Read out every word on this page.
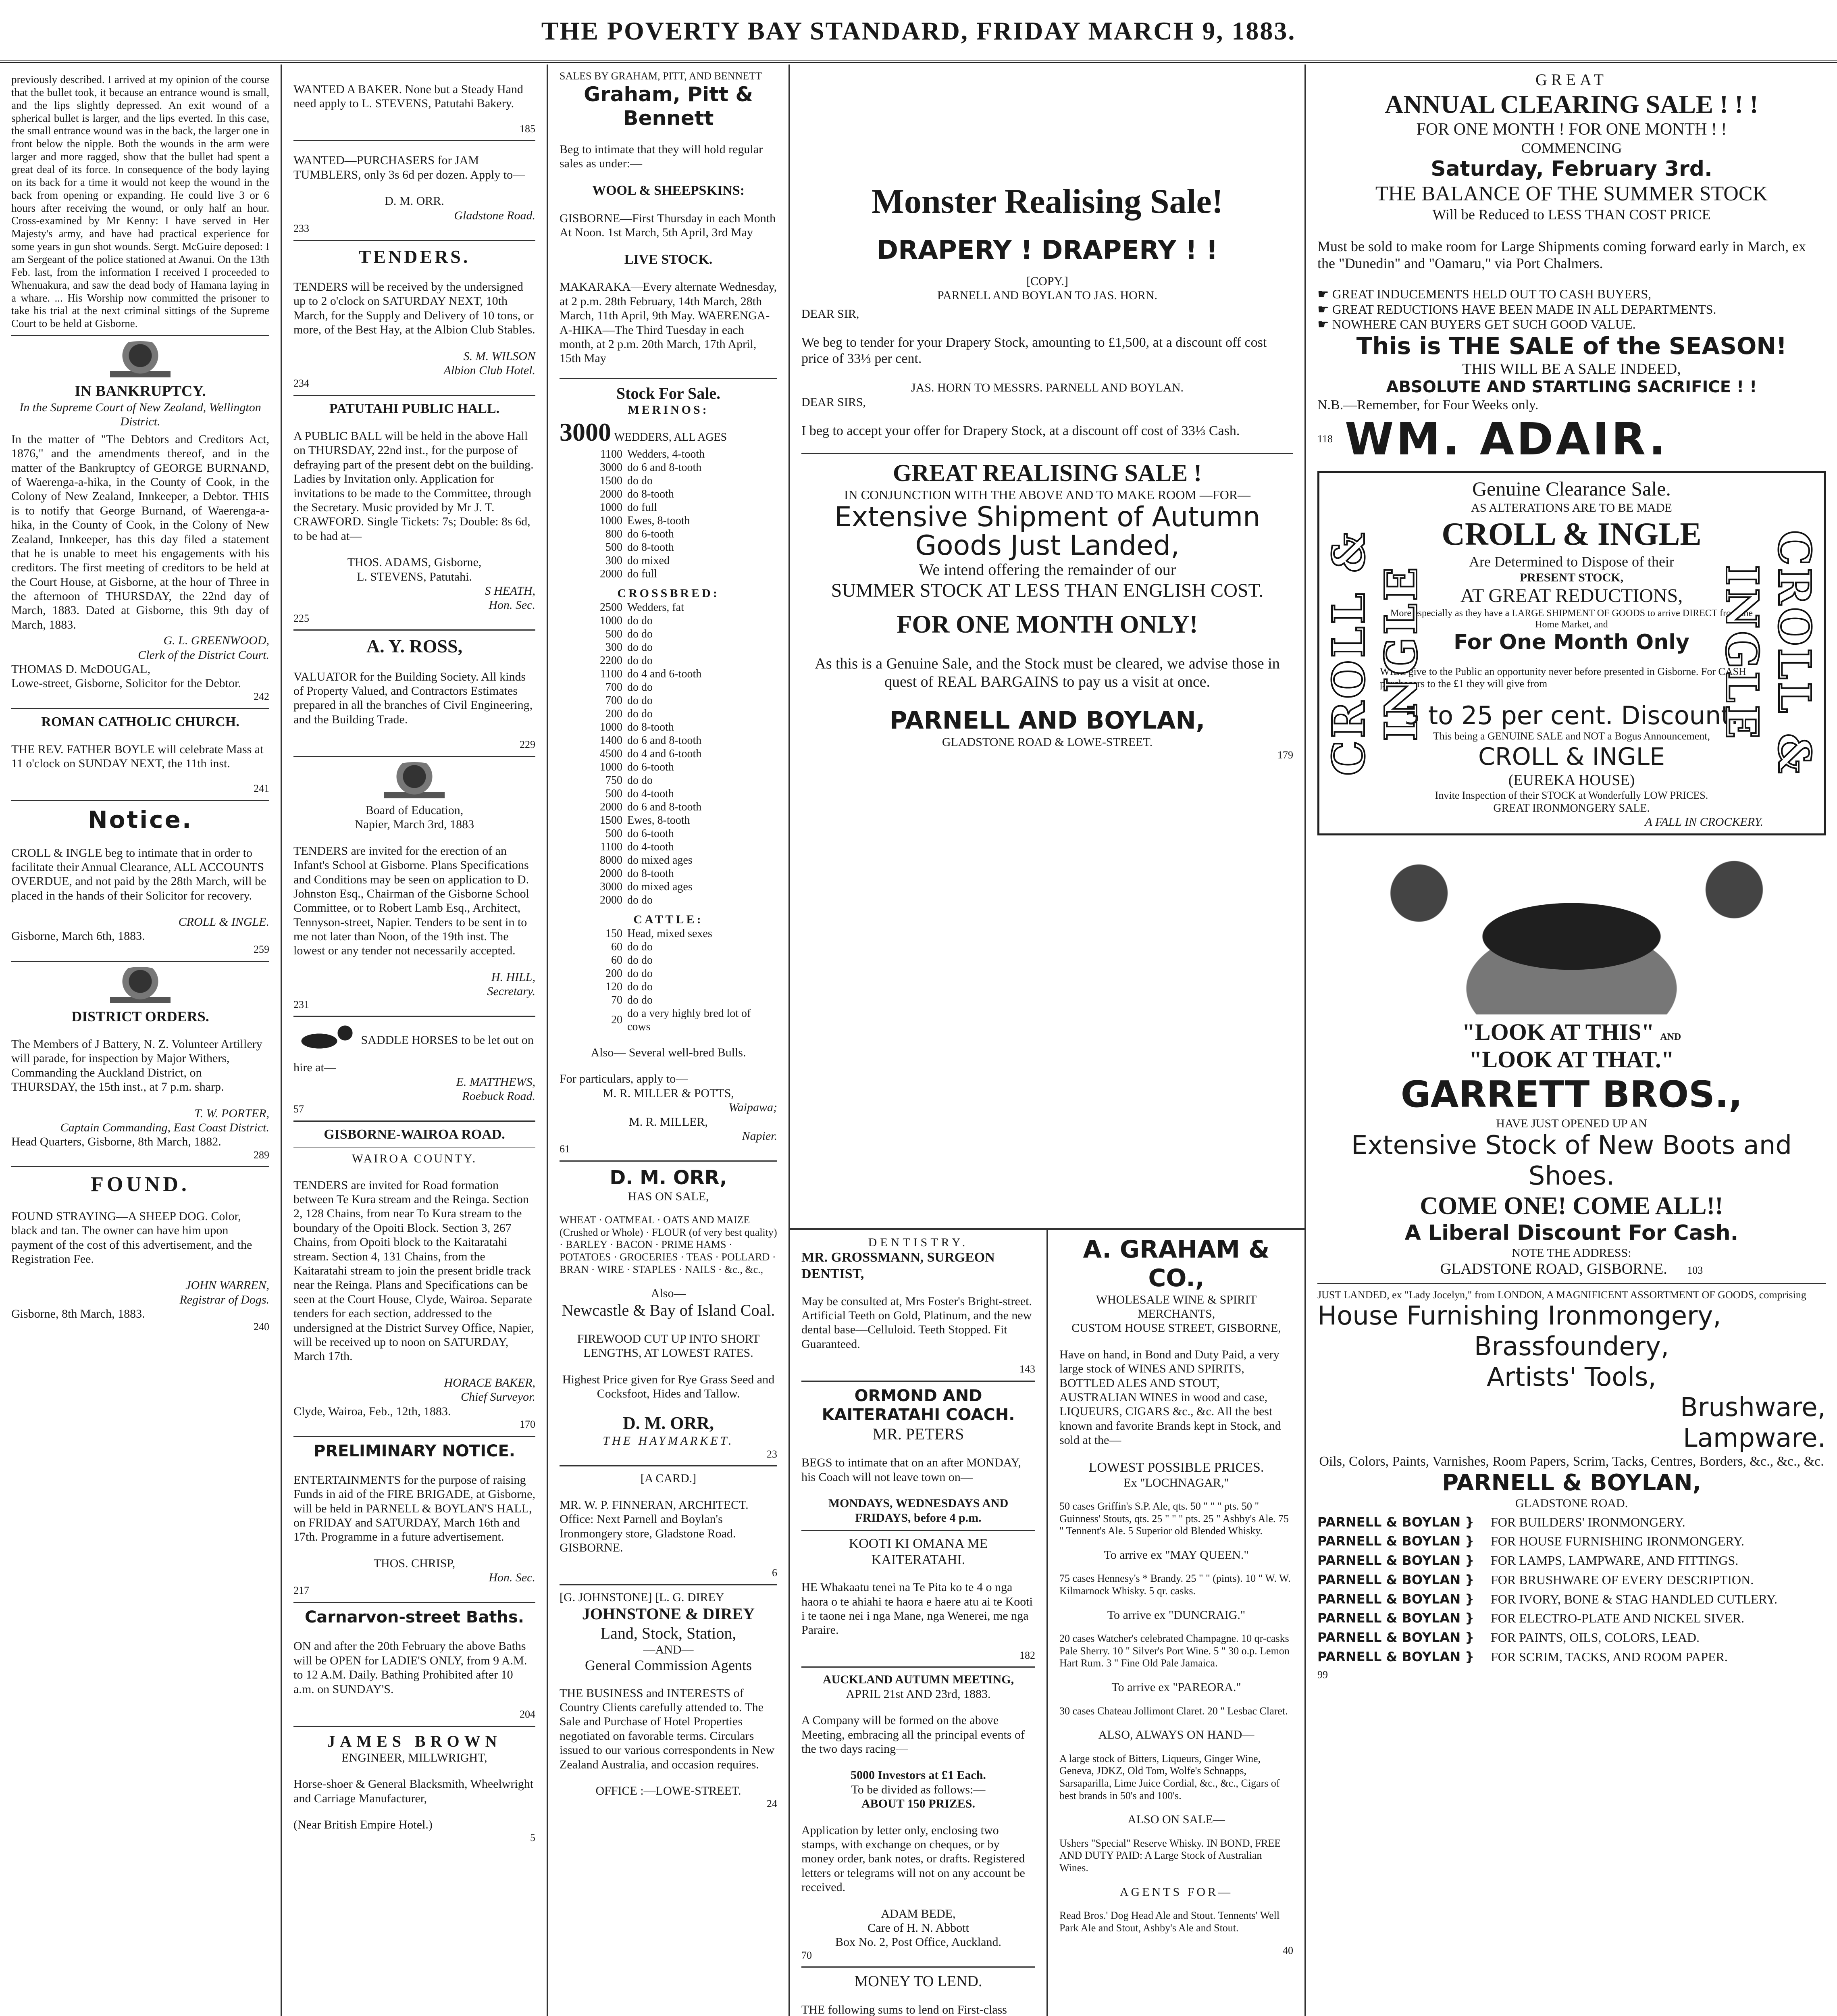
THE POVERTY BAY STANDARD, FRIDAY MARCH 9, 1883.

previously described. I arrived at my opinion of the course that the bullet took, it because an entrance wound is small, and the lips slightly depressed. An exit wound of a spherical bullet is larger, and the lips everted. In this case, the small entrance wound was in the back, the larger one in front below the nipple. Both the wounds in the arm were larger and more ragged, show that the bullet had spent a great deal of its force. In consequence of the body laying on its back for a time it would not keep the wound in the back from opening or expanding. He could live 3 or 6 hours after receiving the wound, or only half an hour. Cross-examined by Mr Kenny: I have served in Her Majesty's army, and have had practical experience for some years in gun shot wounds. Sergt. McGuire deposed: I am Sergeant of the police stationed at Awanui. On the 13th Feb. last, from the information I received I proceeded to Whenuakura, and saw the dead body of Hamana laying in a whare. ... His Worship now committed the prisoner to take his trial at the next criminal sittings of the Supreme Court to be held at Gisborne.

IN BANKRUPTCY.
In the Supreme Court of New Zealand, Wellington District.

In the matter of "The Debtors and Creditors Act, 1876," and the amendments thereof, and in the matter of the Bankruptcy of GEORGE BURNAND, of Waerenga-a-hika, in the County of Cook, in the Colony of New Zealand, Innkeeper, a Debtor. THIS is to notify that George Burnand, of Waerenga-a-hika, in the County of Cook, in the Colony of New Zealand, Innkeeper, has this day filed a statement that he is unable to meet his engagements with his creditors. The first meeting of creditors to be held at the Court House, at Gisborne, at the hour of Three in the afternoon of THURSDAY, the 22nd day of March, 1883. Dated at Gisborne, this 9th day of March, 1883.

G. L. GREENWOOD,
Clerk of the District Court.
THOMAS D. McDOUGAL,
Lowe-street, Gisborne, Solicitor for the Debtor.
242
ROMAN CATHOLIC CHURCH.

THE REV. FATHER BOYLE will celebrate Mass at 11 o'clock on SUNDAY NEXT, the 11th inst.

241
Notice.

CROLL & INGLE beg to intimate that in order to facilitate their Annual Clearance, ALL ACCOUNTS OVERDUE, and not paid by the 28th March, will be placed in the hands of their Solicitor for recovery.

CROLL & INGLE.
Gisborne, March 6th, 1883.
259
DISTRICT ORDERS.

The Members of J Battery, N. Z. Volunteer Artillery will parade, for inspection by Major Withers, Commanding the Auckland District, on THURSDAY, the 15th inst., at 7 p.m. sharp.

T. W. PORTER,
Captain Commanding, East Coast District.
Head Quarters, Gisborne, 8th March, 1882.
289
FOUND.

FOUND STRAYING—A SHEEP DOG. Color, black and tan. The owner can have him upon payment of the cost of this advertisement, and the Registration Fee.

JOHN WARREN,
Registrar of Dogs.
Gisborne, 8th March, 1883.
240

WANTED A BAKER. None but a Steady Hand need apply to L. STEVENS, Patutahi Bakery.

185

WANTED—PURCHASERS for JAM TUMBLERS, only 3s 6d per dozen. Apply to—

D. M. ORR.
Gladstone Road.
233
TENDERS.

TENDERS will be received by the undersigned up to 2 o'clock on SATURDAY NEXT, 10th March, for the Supply and Delivery of 10 tons, or more, of the Best Hay, at the Albion Club Stables.

S. M. WILSON
Albion Club Hotel.
234
PATUTAHI PUBLIC HALL.

A PUBLIC BALL will be held in the above Hall on THURSDAY, 22nd inst., for the purpose of defraying part of the present debt on the building. Ladies by Invitation only. Application for invitations to be made to the Committee, through the Secretary. Music provided by Mr J. T. CRAWFORD. Single Tickets: 7s; Double: 8s 6d, to be had at—

THOS. ADAMS, Gisborne,
L. STEVENS, Patutahi.
S HEATH,
Hon. Sec.
225
A. Y. ROSS,

VALUATOR for the Building Society. All kinds of Property Valued, and Contractors Estimates prepared in all the branches of Civil Engineering, and the Building Trade.

229
Board of Education,
Napier, March 3rd, 1883

TENDERS are invited for the erection of an Infant's School at Gisborne. Plans Specifications and Conditions may be seen on application to D. Johnston Esq., Chairman of the Gisborne School Committee, or to Robert Lamb Esq., Architect, Tennyson-street, Napier. Tenders to be sent in to me not later than Noon, of the 19th inst. The lowest or any tender not necessarily accepted.

H. HILL,
Secretary.
231
SADDLE HORSES to be let out on hire at—
E. MATTHEWS,
Roebuck Road.
57
GISBORNE-WAIROA ROAD.
WAIROA COUNTY.

TENDERS are invited for Road formation between Te Kura stream and the Reinga. Section 2, 128 Chains, from near To Kura stream to the boundary of the Opoiti Block. Section 3, 267 Chains, from Opoiti block to the Kaitaratahi stream. Section 4, 131 Chains, from the Kaitaratahi stream to join the present bridle track near the Reinga. Plans and Specifications can be seen at the Court House, Clyde, Wairoa. Separate tenders for each section, addressed to the undersigned at the District Survey Office, Napier, will be received up to noon on SATURDAY, March 17th.

HORACE BAKER,
Chief Surveyor.
Clyde, Wairoa, Feb., 12th, 1883.
170
PRELIMINARY NOTICE.

ENTERTAINMENTS for the purpose of raising Funds in aid of the FIRE BRIGADE, at Gisborne, will be held in PARNELL & BOYLAN'S HALL, on FRIDAY and SATURDAY, March 16th and 17th. Programme in a future advertisement.

THOS. CHRISP,
Hon. Sec.
217
Carnarvon-street Baths.

ON and after the 20th February the above Baths will be OPEN for LADIE'S ONLY, from 9 A.M. to 12 A.M. Daily. Bathing Prohibited after 10 a.m. on SUNDAY'S.

204
JAMES BROWN
ENGINEER, MILLWRIGHT,

Horse-shoer & General Blacksmith, Wheelwright and Carriage Manufacturer,

(Near British Empire Hotel.)
5
SALES BY GRAHAM, PITT, AND BENNETT
Graham, Pitt & Bennett

Beg to intimate that they will hold regular sales as under:—

WOOL & SHEEPSKINS:

GISBORNE—First Thursday in each Month At Noon. 1st March, 5th April, 3rd May

LIVE STOCK.

MAKARAKA—Every alternate Wednesday, at 2 p.m. 28th February, 14th March, 28th March, 11th April, 9th May. WAERENGA-A-HIKA—The Third Tuesday in each month, at 2 p.m. 20th March, 17th April, 15th May

Stock For Sale.
MERINOS:
3000 WEDDERS, ALL AGES
1100	Wedders, 4-tooth
3000	do 6 and 8-tooth
1500	do do
2000	do 8-tooth
1000	do full
1000	Ewes, 8-tooth
800	do 6-tooth
500	do 8-tooth
300	do mixed
2000	do full
CROSSBRED:
2500	Wedders, fat
1000	do do
500	do do
300	do do
2200	do do
1100	do 4 and 6-tooth
700	do do
700	do do
200	do do
1000	do 8-tooth
1400	do 6 and 8-tooth
4500	do 4 and 6-tooth
1000	do 6-tooth
750	do do
500	do 4-tooth
2000	do 6 and 8-tooth
1500	Ewes, 8-tooth
500	do 6-tooth
1100	do 4-tooth
8000	do mixed ages
2000	do 8-tooth
3000	do mixed ages
2000	do do
CATTLE:
150	Head, mixed sexes
60	do do
60	do do
200	do do
120	do do
70	do do
20	do a very highly bred lot of cows

Also— Several well-bred Bulls.

For particulars, apply to—
M. R. MILLER & POTTS,
Waipawa;
M. R. MILLER,
Napier.
61
D. M. ORR,
HAS ON SALE,

WHEAT · OATMEAL · OATS AND MAIZE (Crushed or Whole) · FLOUR (of very best quality) · BARLEY · BACON · PRIME HAMS · POTATOES · GROCERIES · TEAS · POLLARD · BRAN · WIRE · STAPLES · NAILS · &c., &c.,

Also—
Newcastle & Bay of Island Coal.

FIREWOOD CUT UP INTO SHORT LENGTHS, AT LOWEST RATES.

Highest Price given for Rye Grass Seed and Cocksfoot, Hides and Tallow.

D. M. ORR,
THE HAYMARKET.
23
[A CARD.]

MR. W. P. FINNERAN, ARCHITECT. Office: Next Parnell and Boylan's Ironmongery store, Gladstone Road. GISBORNE.

6
[G. JOHNSTONE] [L. G. DIREY
JOHNSTONE & DIREY
Land, Stock, Station,
—AND—
General Commission Agents

THE BUSINESS and INTERESTS of Country Clients carefully attended to. The Sale and Purchase of Hotel Properties negotiated on favorable terms. Circulars issued to our various correspondents in New Zealand Australia, and occasion requires.

OFFICE :—LOWE-STREET.
24
Monster Realising Sale!
DRAPERY ! DRAPERY ! !
[COPY.]
PARNELL AND BOYLAN TO JAS. HORN.
DEAR SIR,

We beg to tender for your Drapery Stock, amounting to £1,500, at a discount off cost price of 33⅓ per cent.

JAS. HORN TO MESSRS. PARNELL AND BOYLAN.
DEAR SIRS,

I beg to accept your offer for Drapery Stock, at a discount off cost of 33⅓ Cash.

GREAT REALISING SALE !
IN CONJUNCTION WITH THE ABOVE AND TO MAKE ROOM —FOR—
Extensive Shipment of Autumn Goods Just Landed,
We intend offering the remainder of our
SUMMER STOCK AT LESS THAN ENGLISH COST.
FOR ONE MONTH ONLY!

As this is a Genuine Sale, and the Stock must be cleared, we advise those in quest of REAL BARGAINS to pay us a visit at once.

PARNELL AND BOYLAN,
GLADSTONE ROAD & LOWE-STREET.
179
DENTISTRY.
MR. GROSSMANN, SURGEON DENTIST,

May be consulted at, Mrs Foster's Bright-street. Artificial Teeth on Gold, Platinum, and the new dental base—Celluloid. Teeth Stopped. Fit Guaranteed.

143
ORMOND AND KAITERATAHI COACH.
MR. PETERS

BEGS to intimate that on an after MONDAY, his Coach will not leave town on—

MONDAYS, WEDNESDAYS AND FRIDAYS, before 4 p.m.
KOOTI KI OMANA ME KAITERATAHI.

HE Whakaatu tenei na Te Pita ko te 4 o nga haora o te ahiahi te haora e haere atu ai te Kooti i te taone nei i nga Mane, nga Wenerei, me nga Paraire.

182
AUCKLAND AUTUMN MEETING,
APRIL 21st AND 23rd, 1883.

A Company will be formed on the above Meeting, embracing all the principal events of the two days racing—

5000 Investors at £1 Each.
To be divided as follows:—
ABOUT 150 PRIZES.

Application by letter only, enclosing two stamps, with exchange on cheques, or by money order, bank notes, or drafts. Registered letters or telegrams will not on any account be received.

ADAM BEDE,
Care of H. N. Abbott
Box No. 2, Post Office, Auckland.
70
MONEY TO LEND.

THE following sums to lend on First-class

A. GRAHAM & CO.,
WHOLESALE WINE & SPIRIT MERCHANTS,
CUSTOM HOUSE STREET, GISBORNE,

Have on hand, in Bond and Duty Paid, a very large stock of WINES AND SPIRITS, BOTTLED ALES AND STOUT, AUSTRALIAN WINES in wood and case, LIQUEURS, CIGARS &c., &c. All the best known and favorite Brands kept in Stock, and sold at the—

LOWEST POSSIBLE PRICES.
Ex "LOCHNAGAR,"

50 cases Griffin's S.P. Ale, qts. 50 " " " pts. 50 " Guinness' Stouts, qts. 25 " " " pts. 25 " Ashby's Ale. 75 " Tennent's Ale. 5 Superior old Blended Whisky.

To arrive ex "MAY QUEEN."

75 cases Hennesy's * Brandy. 25 " " (pints). 10 " W. W. Kilmarnock Whisky. 5 qr. casks.

To arrive ex "DUNCRAIG."

20 cases Watcher's celebrated Champagne. 10 qr-casks Pale Sherry. 10 " Silver's Port Wine. 5 " 30 o.p. Lemon Hart Rum. 3 " Fine Old Pale Jamaica.

To arrive ex "PAREORA."

30 cases Chateau Jollimont Claret. 20 " Lesbac Claret.

ALSO, ALWAYS ON HAND—

A large stock of Bitters, Liqueurs, Ginger Wine, Geneva, JDKZ, Old Tom, Wolfe's Schnapps, Sarsaparilla, Lime Juice Cordial, &c., &c., Cigars of best brands in 50's and 100's.

ALSO ON SALE—

Ushers "Special" Reserve Whisky. IN BOND, FREE AND DUTY PAID: A Large Stock of Australian Wines.

AGENTS FOR—

Read Bros.' Dog Head Ale and Stout. Tennents' Well Park Ale and Stout, Ashby's Ale and Stout.

40
GREAT
ANNUAL CLEARING SALE ! ! !
FOR ONE MONTH ! FOR ONE MONTH ! !
COMMENCING
Saturday, February 3rd.
THE BALANCE OF THE SUMMER STOCK
Will be Reduced to LESS THAN COST PRICE

Must be sold to make room for Large Shipments coming forward early in March, ex the "Dunedin" and "Oamaru," via Port Chalmers.

☛ GREAT INDUCEMENTS HELD OUT TO CASH BUYERS,
☛ GREAT REDUCTIONS HAVE BEEN MADE IN ALL DEPARTMENTS.
☛ NOWHERE CAN BUYERS GET SUCH GOOD VALUE.
This is THE SALE of the SEASON!
THIS WILL BE A SALE INDEED,
ABSOLUTE AND STARTLING SACRIFICE ! !
N.B.—Remember, for Four Weeks only.
118 WM. ADAIR.
CROLL & INGLE	CROLL & INGLE
Genuine Clearance Sale.
AS ALTERATIONS ARE TO BE MADE
CROLL & INGLE
Are Determined to Dispose of their
PRESENT STOCK,
AT GREAT REDUCTIONS,
More especially as they have a LARGE SHIPMENT OF GOODS to arrive DIRECT from the Home Market, and
For One Month Only

WILL give to the Public an opportunity never before presented in Gisborne. For CASH purchasers to the £1 they will give from

5 to 25 per cent. Discount.
This being a GENUINE SALE and NOT a Bogus Announcement,
CROLL & INGLE
(EUREKA HOUSE)
Invite Inspection of their STOCK at Wonderfully LOW PRICES.
GREAT IRONMONGERY SALE.
A FALL IN CROCKERY.
"LOOK AT THIS" AND
"LOOK AT THAT."
GARRETT BROS.,
HAVE JUST OPENED UP AN
Extensive Stock of New Boots and Shoes.
COME ONE! COME ALL!!
A Liberal Discount For Cash.
NOTE THE ADDRESS:
GLADSTONE ROAD, GISBORNE. 103
JUST LANDED, ex "Lady Jocelyn," from LONDON, A MAGNIFICENT ASSORTMENT OF GOODS, comprising
House Furnishing Ironmongery,
Brassfoundery,
Artists' Tools,
Brushware,
Lampware.
Oils, Colors, Paints, Varnishes, Room Papers, Scrim, Tacks, Centres, Borders, &c., &c., &c.
PARNELL & BOYLAN,
GLADSTONE ROAD.
PARNELL & BOYLAN }	FOR BUILDERS' IRONMONGERY.
PARNELL & BOYLAN }	FOR HOUSE FURNISHING IRONMONGERY.
PARNELL & BOYLAN }	FOR LAMPS, LAMPWARE, AND FITTINGS.
PARNELL & BOYLAN }	FOR BRUSHWARE OF EVERY DESCRIPTION.
PARNELL & BOYLAN }	FOR IVORY, BONE & STAG HANDLED CUTLERY.
PARNELL & BOYLAN }	FOR ELECTRO-PLATE AND NICKEL SIVER.
PARNELL & BOYLAN }	FOR PAINTS, OILS, COLORS, LEAD.
PARNELL & BOYLAN }	FOR SCRIM, TACKS, AND ROOM PAPER.
99
